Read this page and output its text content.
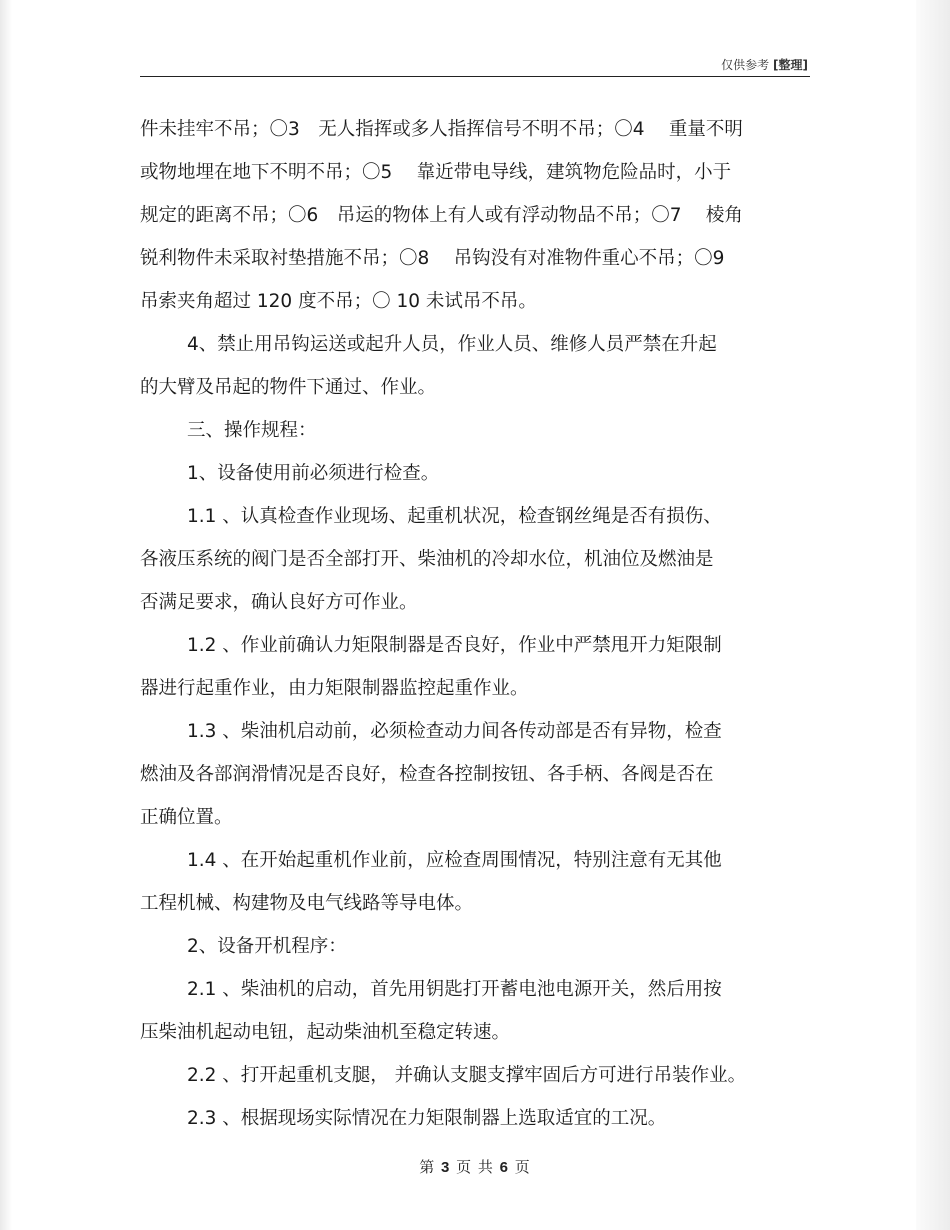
仅供参考 [整理]
件未挂牢不吊；〇3　无人指挥或多人指挥信号不明不吊；〇4　 重量不明
或物地埋在地下不明不吊；〇5　 靠近带电导线，建筑物危险品时，小于
规定的距离不吊；〇6　吊运的物体上有人或有浮动物品不吊；〇7　 棱角
锐利物件未采取衬垫措施不吊；〇8　 吊钩没有对准物件重心不吊；〇9
吊索夹角超过 120 度不吊；〇 10 未试吊不吊。
4、禁止用吊钩运送或起升人员，作业人员、维修人员严禁在升起
的大臂及吊起的物件下通过、作业。
三、操作规程：
1、设备使用前必须进行检查。
1.1 、认真检查作业现场、起重机状况，检查钢丝绳是否有损伤、
各液压系统的阀门是否全部打开、柴油机的冷却水位，机油位及燃油是
否满足要求，确认良好方可作业。
1.2 、作业前确认力矩限制器是否良好，作业中严禁甩开力矩限制
器进行起重作业，由力矩限制器监控起重作业。
1.3 、柴油机启动前，必须检查动力间各传动部是否有异物，检查
燃油及各部润滑情况是否良好，检查各控制按钮、各手柄、各阀是否在
正确位置。
1.4 、在开始起重机作业前，应检查周围情况，特别注意有无其他
工程机械、构建物及电气线路等导电体。
2、设备开机程序：
2.1 、柴油机的启动，首先用钥匙打开蓄电池电源开关，然后用按
压柴油机起动电钮，起动柴油机至稳定转速。
2.2 、打开起重机支腿， 并确认支腿支撑牢固后方可进行吊装作业。
2.3 、根据现场实际情况在力矩限制器上选取适宜的工况。
第 3 页 共 6 页
